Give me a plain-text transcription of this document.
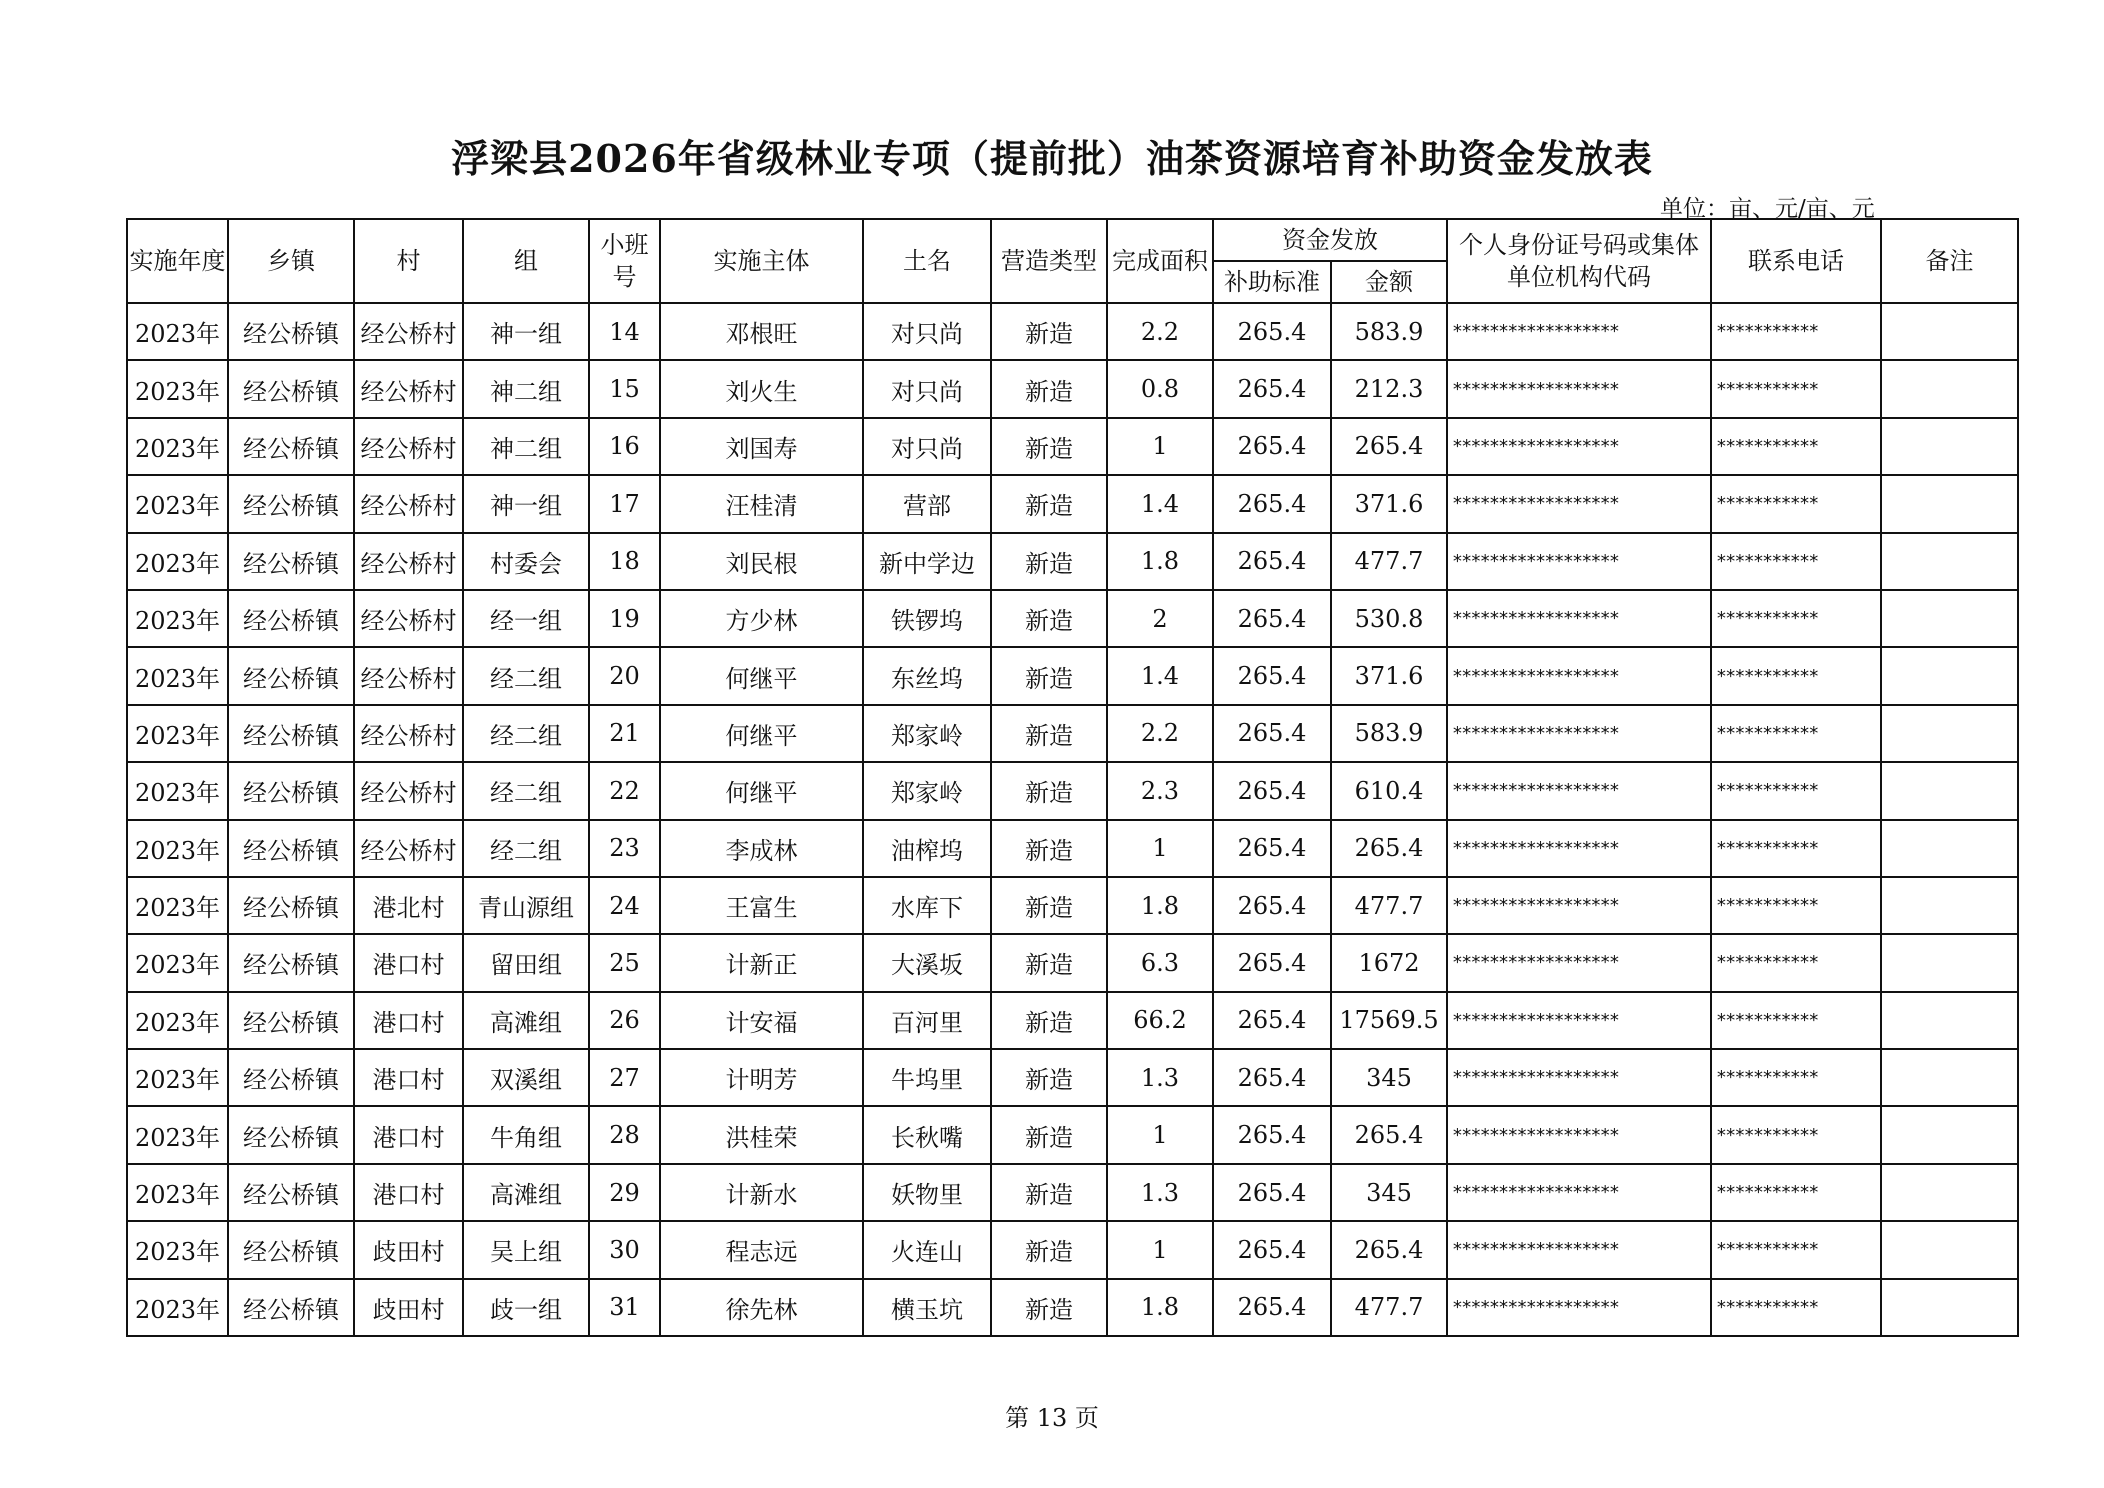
浮梁县2026年省级林业专项（提前批）油茶资源培育补助资金发放表
单位：亩、元/亩、元
实施年度	乡镇	村	组	小班号	实施主体	土名	营造类型	完成面积	资金发放		个人身份证号码或集体单位机构代码	联系电话	备注
									补助标准	金额			
2023年	经公桥镇	经公桥村	神一组	14	邓根旺	对只尚	新造	2.2	265.4	583.9	******************	***********	
2023年	经公桥镇	经公桥村	神二组	15	刘火生	对只尚	新造	0.8	265.4	212.3	******************	***********	
2023年	经公桥镇	经公桥村	神二组	16	刘国寿	对只尚	新造	1	265.4	265.4	******************	***********	
2023年	经公桥镇	经公桥村	神一组	17	汪桂清	营部	新造	1.4	265.4	371.6	******************	***********	
2023年	经公桥镇	经公桥村	村委会	18	刘民根	新中学边	新造	1.8	265.4	477.7	******************	***********	
2023年	经公桥镇	经公桥村	经一组	19	方少林	铁锣坞	新造	2	265.4	530.8	******************	***********	
2023年	经公桥镇	经公桥村	经二组	20	何继平	东丝坞	新造	1.4	265.4	371.6	******************	***********	
2023年	经公桥镇	经公桥村	经二组	21	何继平	郑家岭	新造	2.2	265.4	583.9	******************	***********	
2023年	经公桥镇	经公桥村	经二组	22	何继平	郑家岭	新造	2.3	265.4	610.4	******************	***********	
2023年	经公桥镇	经公桥村	经二组	23	李成林	油榨坞	新造	1	265.4	265.4	******************	***********	
2023年	经公桥镇	港北村	青山源组	24	王富生	水库下	新造	1.8	265.4	477.7	******************	***********	
2023年	经公桥镇	港口村	留田组	25	计新正	大溪坂	新造	6.3	265.4	1672	******************	***********	
2023年	经公桥镇	港口村	高滩组	26	计安福	百河里	新造	66.2	265.4	17569.5	******************	***********	
2023年	经公桥镇	港口村	双溪组	27	计明芳	牛坞里	新造	1.3	265.4	345	******************	***********	
2023年	经公桥镇	港口村	牛角组	28	洪桂荣	长秋嘴	新造	1	265.4	265.4	******************	***********	
2023年	经公桥镇	港口村	高滩组	29	计新水	妖物里	新造	1.3	265.4	345	******************	***********	
2023年	经公桥镇	歧田村	吴上组	30	程志远	火连山	新造	1	265.4	265.4	******************	***********	
2023年	经公桥镇	歧田村	歧一组	31	徐先林	横玉坑	新造	1.8	265.4	477.7	******************	***********	
第 13 页
